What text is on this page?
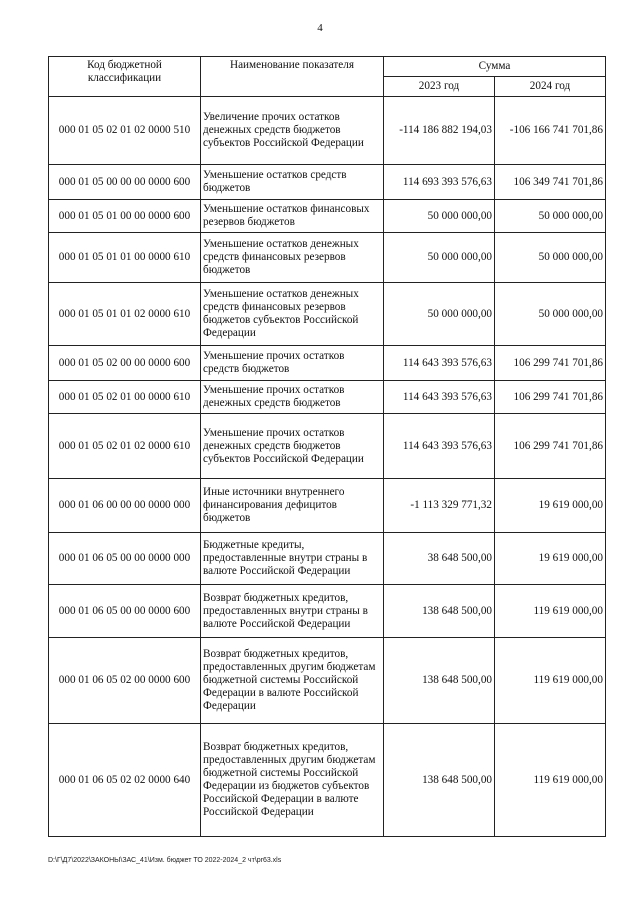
4
Код бюджетной классификации	Наименование показателя	Сумма	
		2023 год	2024 год
000 01 05 02 01 02 0000 510	Увеличение прочих остатков денежных средств бюджетов субъектов Российской Федерации	-114 186 882 194,03	-106 166 741 701,86
000 01 05 00 00 00 0000 600	Уменьшение остатков средств бюджетов	114 693 393 576,63	106 349 741 701,86
000 01 05 01 00 00 0000 600	Уменьшение остатков финансовых резервов бюджетов	50 000 000,00	50 000 000,00
000 01 05 01 01 00 0000 610	Уменьшение остатков денежных средств финансовых резервов бюджетов	50 000 000,00	50 000 000,00
000 01 05 01 01 02 0000 610	Уменьшение остатков денежных средств финансовых резервов бюджетов субъектов Российской Федерации	50 000 000,00	50 000 000,00
000 01 05 02 00 00 0000 600	Уменьшение прочих остатков средств бюджетов	114 643 393 576,63	106 299 741 701,86
000 01 05 02 01 00 0000 610	Уменьшение прочих остатков денежных средств бюджетов	114 643 393 576,63	106 299 741 701,86
000 01 05 02 01 02 0000 610	Уменьшение прочих остатков денежных средств бюджетов субъектов Российской Федерации	114 643 393 576,63	106 299 741 701,86
000 01 06 00 00 00 0000 000	Иные источники внутреннего финансирования дефицитов бюджетов	-1 113 329 771,32	19 619 000,00
000 01 06 05 00 00 0000 000	Бюджетные кредиты, предоставленные внутри страны в валюте Российской Федерации	38 648 500,00	19 619 000,00
000 01 06 05 00 00 0000 600	Возврат бюджетных кредитов, предоставленных внутри страны в валюте Российской Федерации	138 648 500,00	119 619 000,00
000 01 06 05 02 00 0000 600	Возврат бюджетных кредитов, предоставленных другим бюджетам бюджетной системы Российской Федерации в валюте Российской Федерации	138 648 500,00	119 619 000,00
000 01 06 05 02 02 0000 640	Возврат бюджетных кредитов, предоставленных другим бюджетам бюджетной системы Российской Федерации из бюджетов субъектов Российской Федерации в валюте Российской Федерации	138 648 500,00	119 619 000,00
D:\Г\Д7\2022\ЗАКОНЫ\ЗАС_41\Изм. бюджет ТО 2022-2024_2 чт\pr63.xls
